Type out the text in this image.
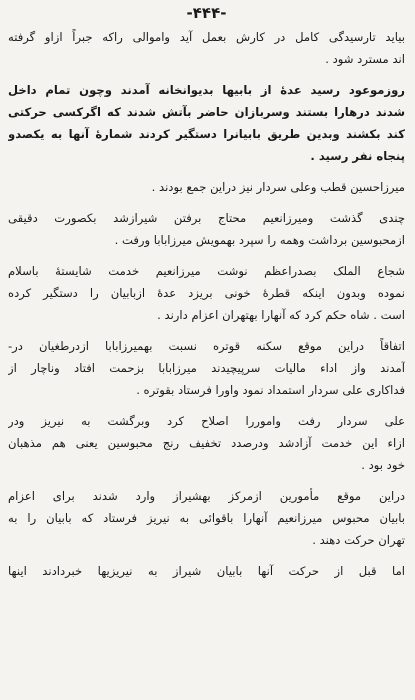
-۴۴۴-
بیاید تارسیدگی کامل در کارش بعمل آید واموالی راکه جبراً ازاو گرفته
اند مسترد شود .
روزموعود رسید عدهٔ از بابیها بدیوانخانه آمدند وچون تمام داخل
شدند درهارا بستند وسربازان حاضر بآتش شدند که اگرکسی حرکتی
کند بکشند وبدین طریق بابیانرا دستگیر کردند شمارهٔ آنها به یکصدو
پنجاه نفر رسید .
میرزاحسین قطب وعلی سردار نیز دراین جمع بودند .
چندی گذشت ومیرزانعیم محتاج برفتن شیرازشد بکصورت دقیقی
ازمحبوسین برداشت وهمه را سپرد بهمویش میرزابابا ورفت .
شجاع الملک بصدراعظم نوشت میرزانعیم خدمت شایستهٔ باسلام
نموده وبدون اینکه قطرهٔ خونی بریزد عدهٔ ازبابیان را دستگیر کرده
است . شاه حکم کرد که آنهارا بهتهران اعزام دارند .
اتفاقاً دراین موقع سکنه قوتره نسبت بهمیرزابابا ازدرطغیان در-
آمدند واز اداء مالیات سرپیچیدند میرزابابا بزحمت افتاد وناچار از
فداکاری علی سردار استمداد نمود واورا فرستاد بقوتره .
علی سردار رفت واموررا اصلاح کرد وبرگشت به نیریز ودر
ازاء این خدمت آزادشد ودرصدد تخفیف رنج محبوسین یعنی هم مذهبان
خود بود .
دراین موقع مأمورین ازمرکز بهشیراز وارد شدند برای اعزام
بابیان محبوس میرزانعیم آنهارا باقوائی به نیریز فرستاد که بابیان را به
تهران حرکت دهند .
اما قبل از حرکت آنها بابیان شیراز به نیریزیها خبردادند اینها
